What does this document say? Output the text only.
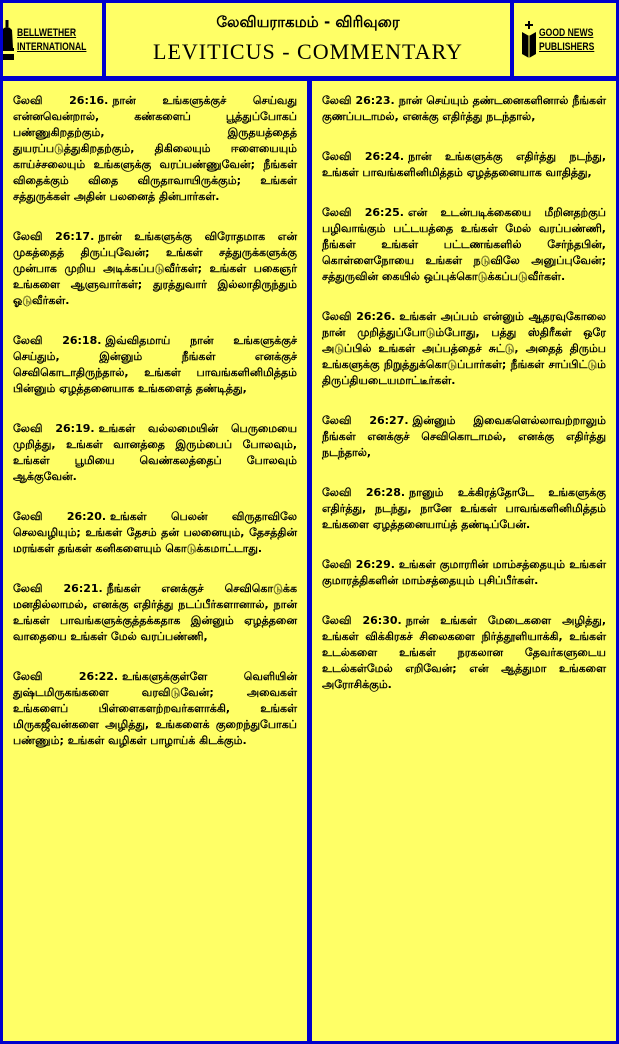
BELLWETHER
INTERNATIONAL
லேவியராகமம் - விரிவுரை
LEVITICUS - COMMENTARY
GOOD NEWS
PUBLISHERS

லேவி 26:16. நான் உங்களுக்குச் செய்வது என்னவென்றால், கண்களைப் பூத்துப்போகப் பண்ணுகிறதற்கும், இருதயத்தைத் துயரப்படுத்துகிறதற்கும், திகிலையும் ஈளையையும் காய்ச்சலையும் உங்களுக்கு வரப்பண்ணுவேன்; நீங்கள் விதைக்கும் விதை விருதாவாயிருக்கும்; உங்கள் சத்துருக்கள் அதின் பலனைத் தின்பார்கள்.

லேவி 26:17. நான் உங்களுக்கு விரோதமாக என் முகத்தைத் திருப்புவேன்; உங்கள் சத்துருக்களுக்கு முன்பாக முறிய அடிக்கப்படுவீர்கள்; உங்கள் பகைஞர் உங்களை ஆளுவார்கள்; துரத்துவார் இல்லாதிருந்தும் ஓடுவீர்கள்.

லேவி 26:18. இவ்விதமாய் நான் உங்களுக்குச் செய்தும், இன்னும் நீங்கள் எனக்குச் செவிகொடாதிருந்தால், உங்கள் பாவங்களினிமித்தம் பின்னும் ஏழத்தனையாக உங்களைத் தண்டித்து,

லேவி 26:19. உங்கள் வல்லமையின் பெருமையை முறித்து, உங்கள் வானத்தை இரும்பைப் போலவும், உங்கள் பூமியை வெண்கலத்தைப் போலவும் ஆக்குவேன்.

லேவி 26:20. உங்கள் பெலன் விருதாவிலே செலவழியும்; உங்கள் தேசம் தன் பலனையும், தேசத்தின் மரங்கள் தங்கள் கனிகளையும் கொடுக்கமாட்டாது.

லேவி 26:21. நீங்கள் எனக்குச் செவிகொடுக்க மனதில்லாமல், எனக்கு எதிர்த்து நடப்பீர்களானால், நான் உங்கள் பாவங்களுக்குத்தக்கதாக இன்னும் ஏழத்தனை வாதையை உங்கள் மேல் வரப்பண்ணி,

லேவி 26:22. உங்களுக்குள்ளே வெளியின் துஷ்டமிருகங்களை வரவிடுவேன்; அவைகள் உங்களைப் பிள்ளைகளற்றவர்களாக்கி, உங்கள் மிருகஜீவன்களை அழித்து, உங்களைக் குறைந்துபோகப் பண்ணும்; உங்கள் வழிகள் பாழாய்க் கிடக்கும்.

லேவி 26:23. நான் செய்யும் தண்டனைகளினால் நீங்கள் குணப்படாமல், எனக்கு எதிர்த்து நடந்தால்,

லேவி 26:24. நான் உங்களுக்கு எதிர்த்து நடந்து, உங்கள் பாவங்களினிமித்தம் ஏழத்தனையாக வாதித்து,

லேவி 26:25. என் உடன்படிக்கையை மீறினதற்குப் பழிவாங்கும் பட்டயத்தை உங்கள் மேல் வரப்பண்ணி, நீங்கள் உங்கள் பட்டணங்களில் சேர்ந்தபின், கொள்ளைநோயை உங்கள் நடுவிலே அனுப்புவேன்; சத்துருவின் கையில் ஒப்புக்கொடுக்கப்படுவீர்கள்.

லேவி 26:26. உங்கள் அப்பம் என்னும் ஆதரவுகோலை நான் முறித்துப்போடும்போது, பத்து ஸ்திரீகள் ஒரே அடுப்பில் உங்கள் அப்பத்தைச் சுட்டு, அதைத் திரும்ப உங்களுக்கு நிறுத்துக்கொடுப்பார்கள்; நீங்கள் சாப்பிட்டும் திருப்தியடையமாட்டீர்கள்.

லேவி 26:27. இன்னும் இவைகளெல்லாவற்றாலும் நீங்கள் எனக்குச் செவிகொடாமல், எனக்கு எதிர்த்து நடந்தால்,

லேவி 26:28. நானும் உக்கிரத்தோடே உங்களுக்கு எதிர்த்து, நடந்து, நானே உங்கள் பாவங்களினிமித்தம் உங்களை ஏழத்தனையாய்த் தண்டிப்பேன்.

லேவி 26:29. உங்கள் குமாரரின் மாம்சத்தையும் உங்கள் குமாரத்திகளின் மாம்சத்தையும் புசிப்பீர்கள்.

லேவி 26:30. நான் உங்கள் மேடைகளை அழித்து, உங்கள் விக்கிரகச் சிலைகளை நிர்த்தூளியாக்கி, உங்கள் உடல்களை உங்கள் நரகலான தேவர்களுடைய உடல்கள்மேல் எறிவேன்; என் ஆத்துமா உங்களை அரோசிக்கும்.
